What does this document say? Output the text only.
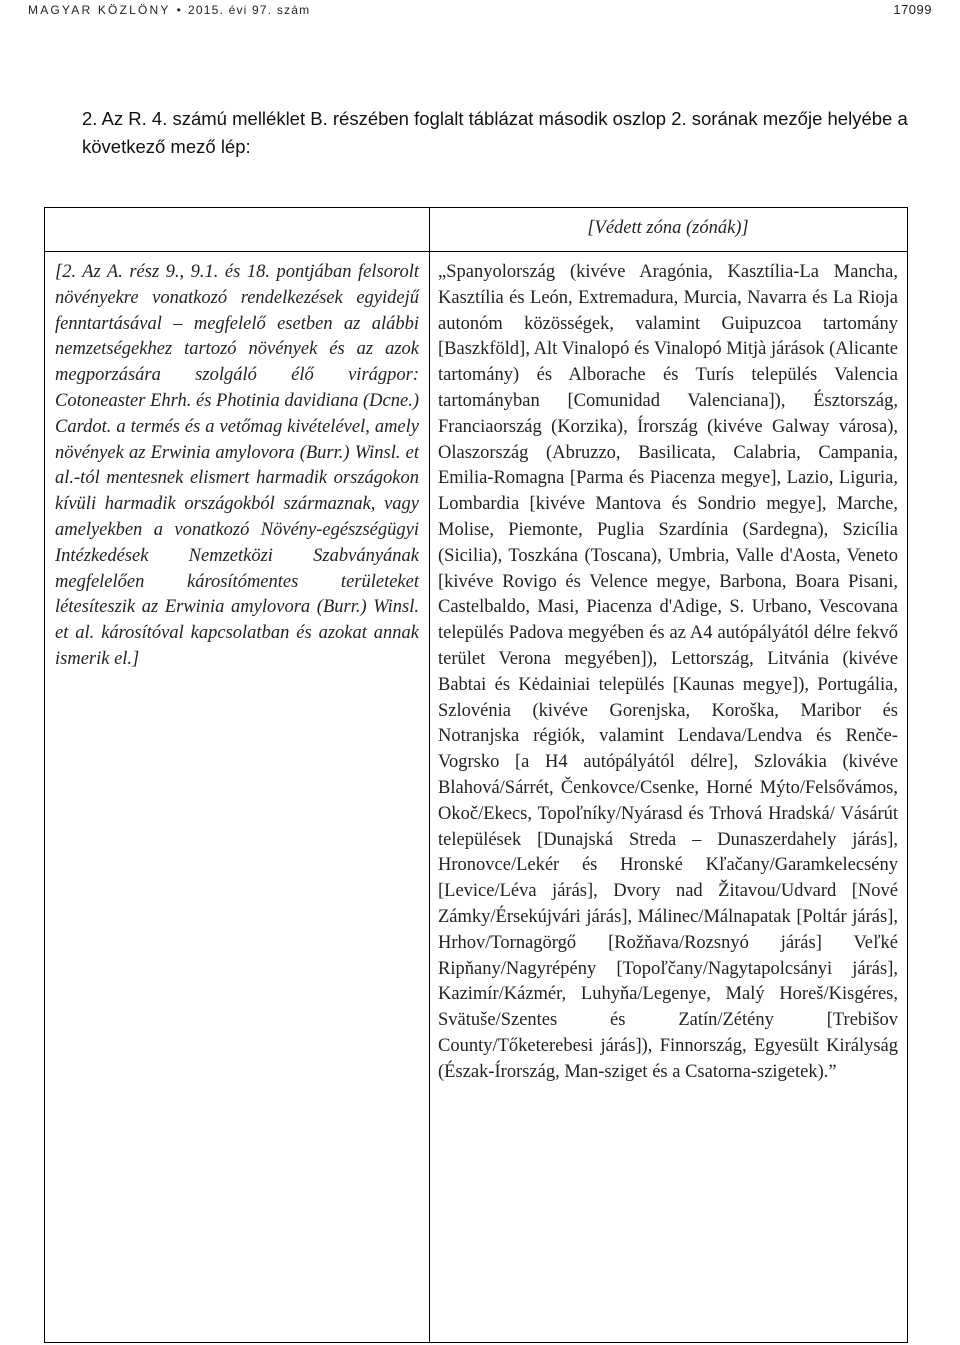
MAGYAR KÖZLÖNY • 2015. évi 97. szám	17099
2. Az R. 4. számú melléklet B. részében foglalt táblázat második oszlop 2. sorának mezője helyébe a következő mező lép:
[Védett zóna (zónák)]
[2. Az A. rész 9., 9.1. és 18. pontjában felsorolt növényekre vonatkozó rendelkezések egyidejű fenntartásával – megfelelő esetben az alábbi nemzetségekhez tartozó növények és az azok megporzására szolgáló élő virágpor: Cotoneaster Ehrh. és Photinia davidiana (Dcne.) Cardot. a termés és a vetőmag kivételével, amely növények az Erwinia amylovora (Burr.) Winsl. et al.-tól mentesnek elismert harmadik országokon kívüli harmadik országokból származnak, vagy amelyekben a vonatkozó Növény-egészségügyi Intézkedések Nemzetközi Szabványának megfelelően károsítómentes területeket létesíteszik az Erwinia amylovora (Burr.) Winsl. et al. károsítóval kapcsolatban és azokat annak ismerik el.]
„Spanyolország (kivéve Aragónia, Kasztília-La Mancha, Kasztília és León, Extremadura, Murcia, Navarra és La Rioja autonóm közösségek, valamint Guipuzcoa tartomány [Baszkföld], Alt Vinalopó és Vinalopó Mitjà járások (Alicante tartomány) és Alborache és Turís település Valencia tartományban [Comunidad Valenciana]), Észtország, Franciaország (Korzika), Írország (kivéve Galway városa), Olaszország (Abruzzo, Basilicata, Calabria, Campania, Emilia-Romagna [Parma és Piacenza megye], Lazio, Liguria, Lombardia [kivéve Mantova és Sondrio megye], Marche, Molise, Piemonte, Puglia Szardínia (Sardegna), Szicília (Sicilia), Toszkána (Toscana), Umbria, Valle d'Aosta, Veneto [kivéve Rovigo és Velence megye, Barbona, Boara Pisani, Castelbaldo, Masi, Piacenza d'Adige, S. Urbano, Vescovana település Padova megyében és az A4 autópályától délre fekvő terület Verona megyében]), Lettország, Litvánia (kivéve Babtai és Kėdainiai település [Kaunas megye]), Portugália, Szlovénia (kivéve Gorenjska, Koroška, Maribor és Notranjska régiók, valamint Lendava/Lendva és Renče-Vogrsko [a H4 autópályától délre], Szlovákia (kivéve Blahová/Sárrét, Čenkovce/Csenke, Horné Mýto/Felsővámos, Okoč/Ekecs, Topoľníky/Nyárasd és Trhová Hradská/ Vásárút települések [Dunajská Streda – Dunaszerdahely járás], Hronovce/Lekér és Hronské Kľačany/Garamkelecsény [Levice/Léva járás], Dvory nad Žitavou/Udvard [Nové Zámky/Érsekújvári járás], Málinec/Málnapatak [Poltár járás], Hrhov/Tornagörgő [Rožňava/Rozsnyó járás] Veľké Ripňany/Nagyrépény [Topoľčany/Nagytapolcsányi járás], Kazimír/Kázmér, Luhyňa/Legenye, Malý Horeš/Kisgéres, Svätuše/Szentes és Zatín/Zétény [Trebišov County/Tőketerebesi járás]), Finnország, Egyesült Királyság (Észak-Írország, Man-sziget és a Csatorna-szigetek).”
